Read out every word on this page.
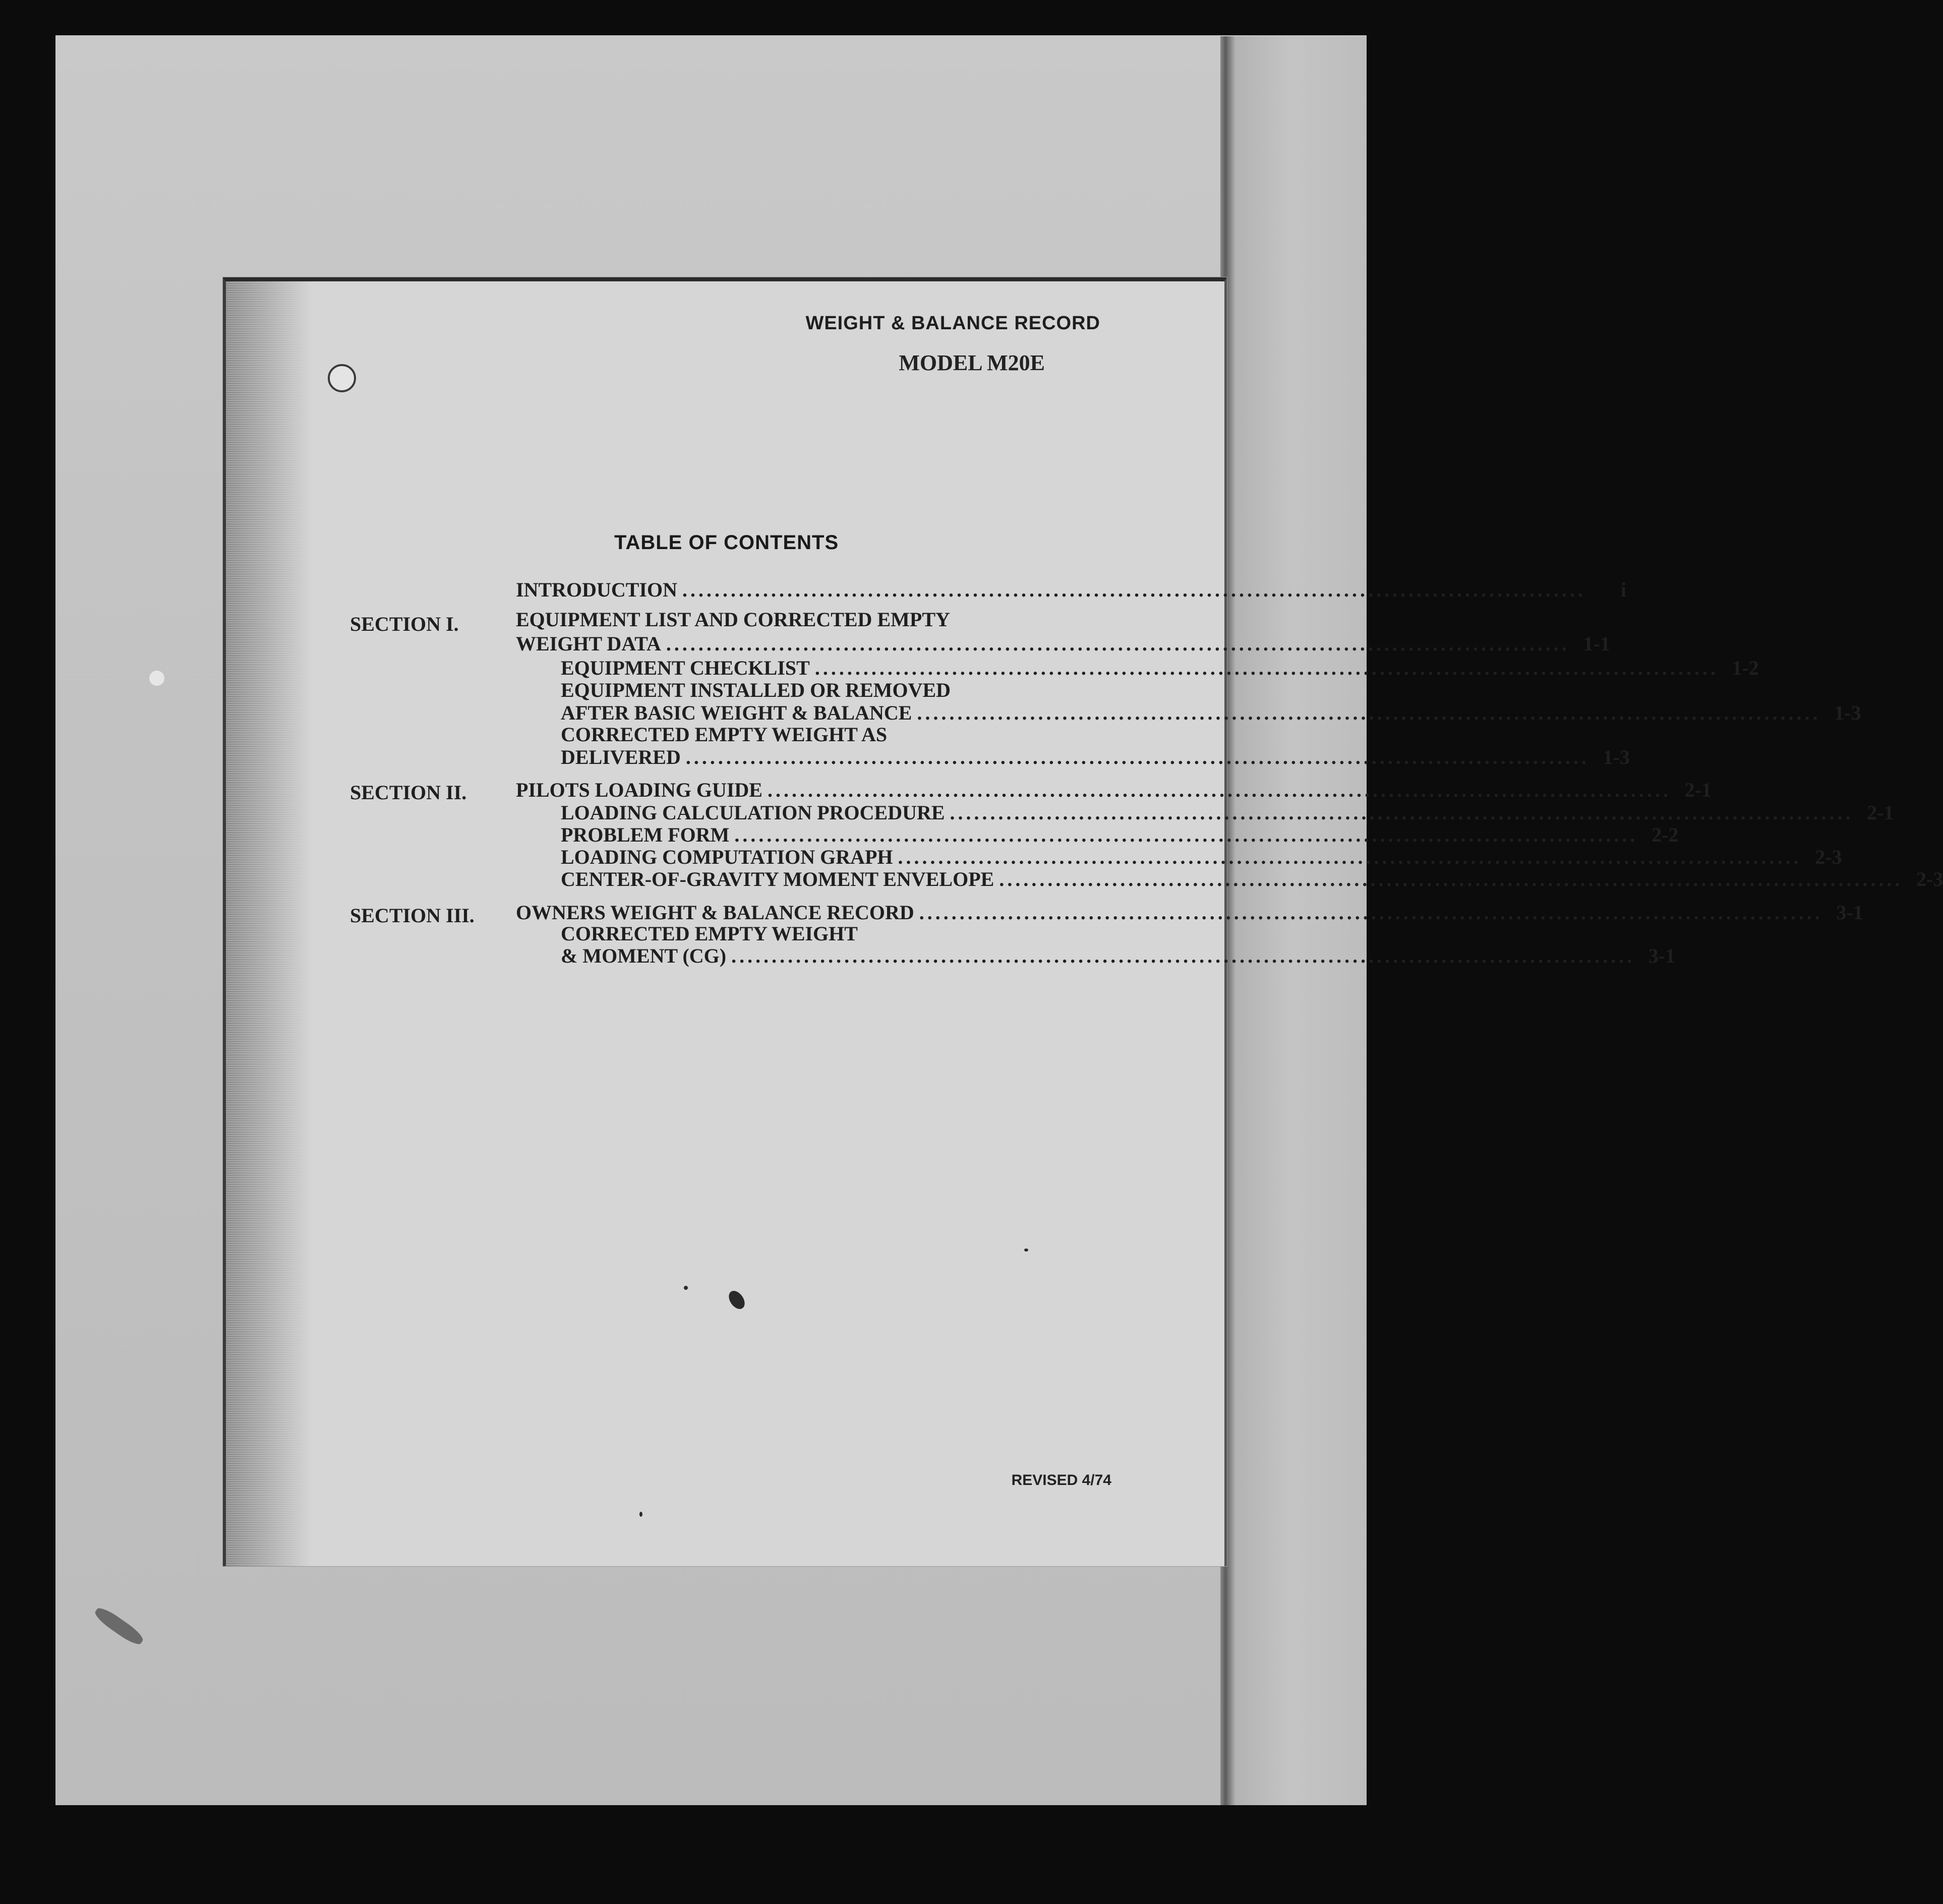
WEIGHT & BALANCE RECORD
MODEL M20E
TABLE OF CONTENTS
INTRODUCTION ................................................................................................................	i
SECTION I.	EQUIPMENT LIST AND CORRECTED EMPTY
WEIGHT DATA ................................................................................................................ 1-1
EQUIPMENT CHECKLIST ................................................................................................................ 1-2
EQUIPMENT INSTALLED OR REMOVED
AFTER BASIC WEIGHT & BALANCE ................................................................................................................ 1-3
CORRECTED EMPTY WEIGHT AS
DELIVERED ................................................................................................................ 1-3
SECTION II. PILOTS LOADING GUIDE ................................................................................................................ 2-1
LOADING CALCULATION PROCEDURE ................................................................................................................ 2-1
PROBLEM FORM ................................................................................................................ 2-2
LOADING COMPUTATION GRAPH ................................................................................................................ 2-3
CENTER-OF-GRAVITY MOMENT ENVELOPE ................................................................................................................ 2-3
SECTION III. OWNERS WEIGHT & BALANCE RECORD ................................................................................................................ 3-1
CORRECTED EMPTY WEIGHT
& MOMENT (CG) ................................................................................................................ 3-1
REVISED 4/74
